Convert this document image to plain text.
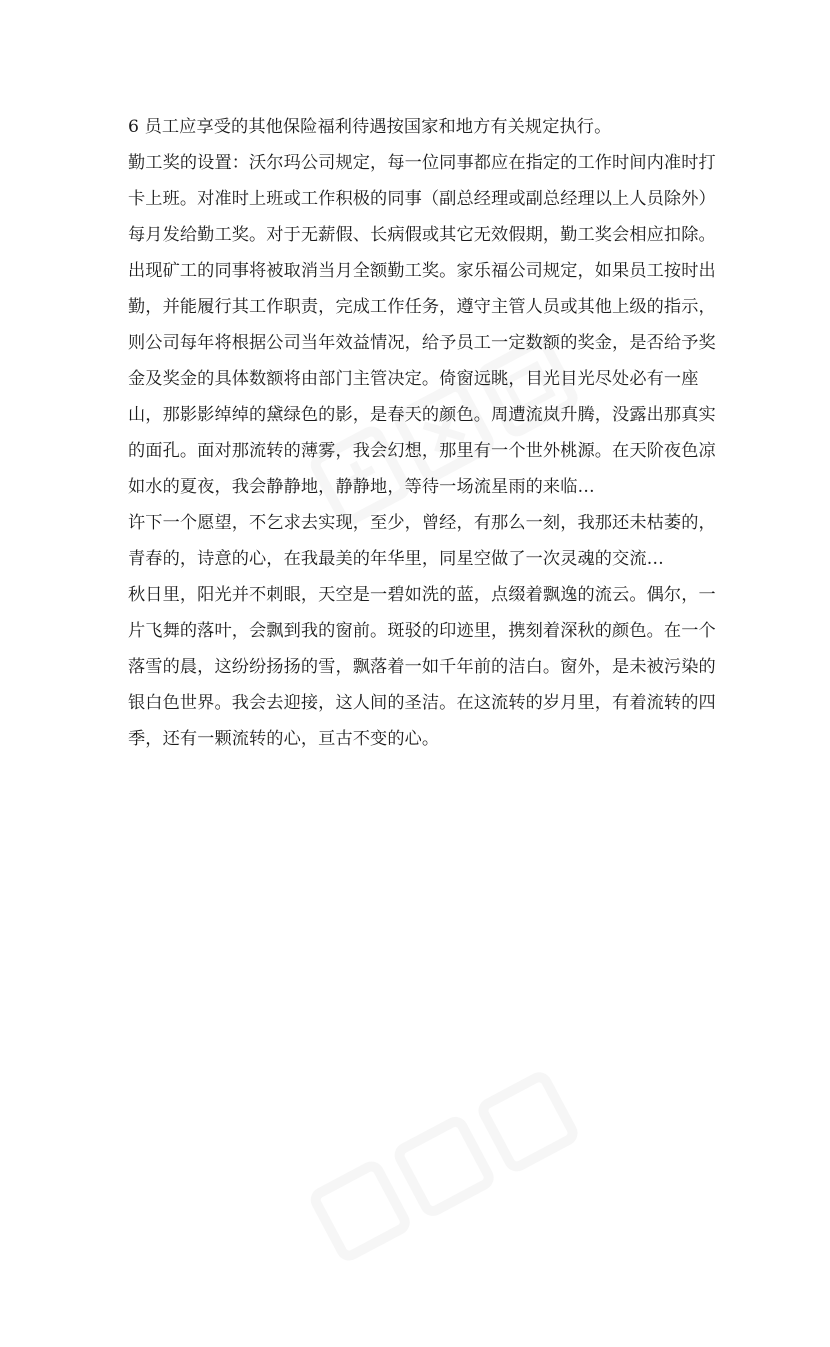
6 员工应享受的其他保险福利待遇按国家和地方有关规定执行。

勤工奖的设置：沃尔玛公司规定，每一位同事都应在指定的工作时间内准时打卡上班。对准时上班或工作积极的同事（副总经理或副总经理以上人员除外）每月发给勤工奖。对于无薪假、长病假或其它无效假期，勤工奖会相应扣除。出现矿工的同事将被取消当月全额勤工奖。家乐福公司规定，如果员工按时出勤，并能履行其工作职责，完成工作任务，遵守主管人员或其他上级的指示，则公司每年将根据公司当年效益情况，给予员工一定数额的奖金，是否给予奖金及奖金的具体数额将由部门主管决定。倚窗远眺，目光目光尽处必有一座山，那影影绰绰的黛绿色的影，是春天的颜色。周遭流岚升腾，没露出那真实的面孔。面对那流转的薄雾，我会幻想，那里有一个世外桃源。在天阶夜色凉如水的夏夜，我会静静地，静静地，等待一场流星雨的来临…

许下一个愿望，不乞求去实现，至少，曾经，有那么一刻，我那还未枯萎的，青春的，诗意的心，在我最美的年华里，同星空做了一次灵魂的交流…

秋日里，阳光并不刺眼，天空是一碧如洗的蓝，点缀着飘逸的流云。偶尔，一片飞舞的落叶，会飘到我的窗前。斑驳的印迹里，携刻着深秋的颜色。在一个落雪的晨，这纷纷扬扬的雪，飘落着一如千年前的洁白。窗外，是未被污染的银白色世界。我会去迎接，这人间的圣洁。在这流转的岁月里，有着流转的四季，还有一颗流转的心，亘古不变的心。
